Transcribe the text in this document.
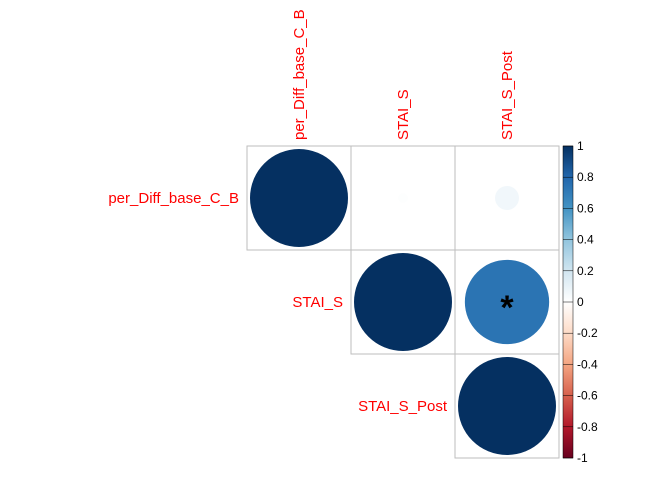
*
per_Diff_base_C_B
STAI_S
STAI_S_Post
per_Diff_base_C_B	STAI_S	STAI_S_Post
-1
-0.8
-0.6
-0.4
-0.2
0
0.2
0.4
0.6
0.8
1
